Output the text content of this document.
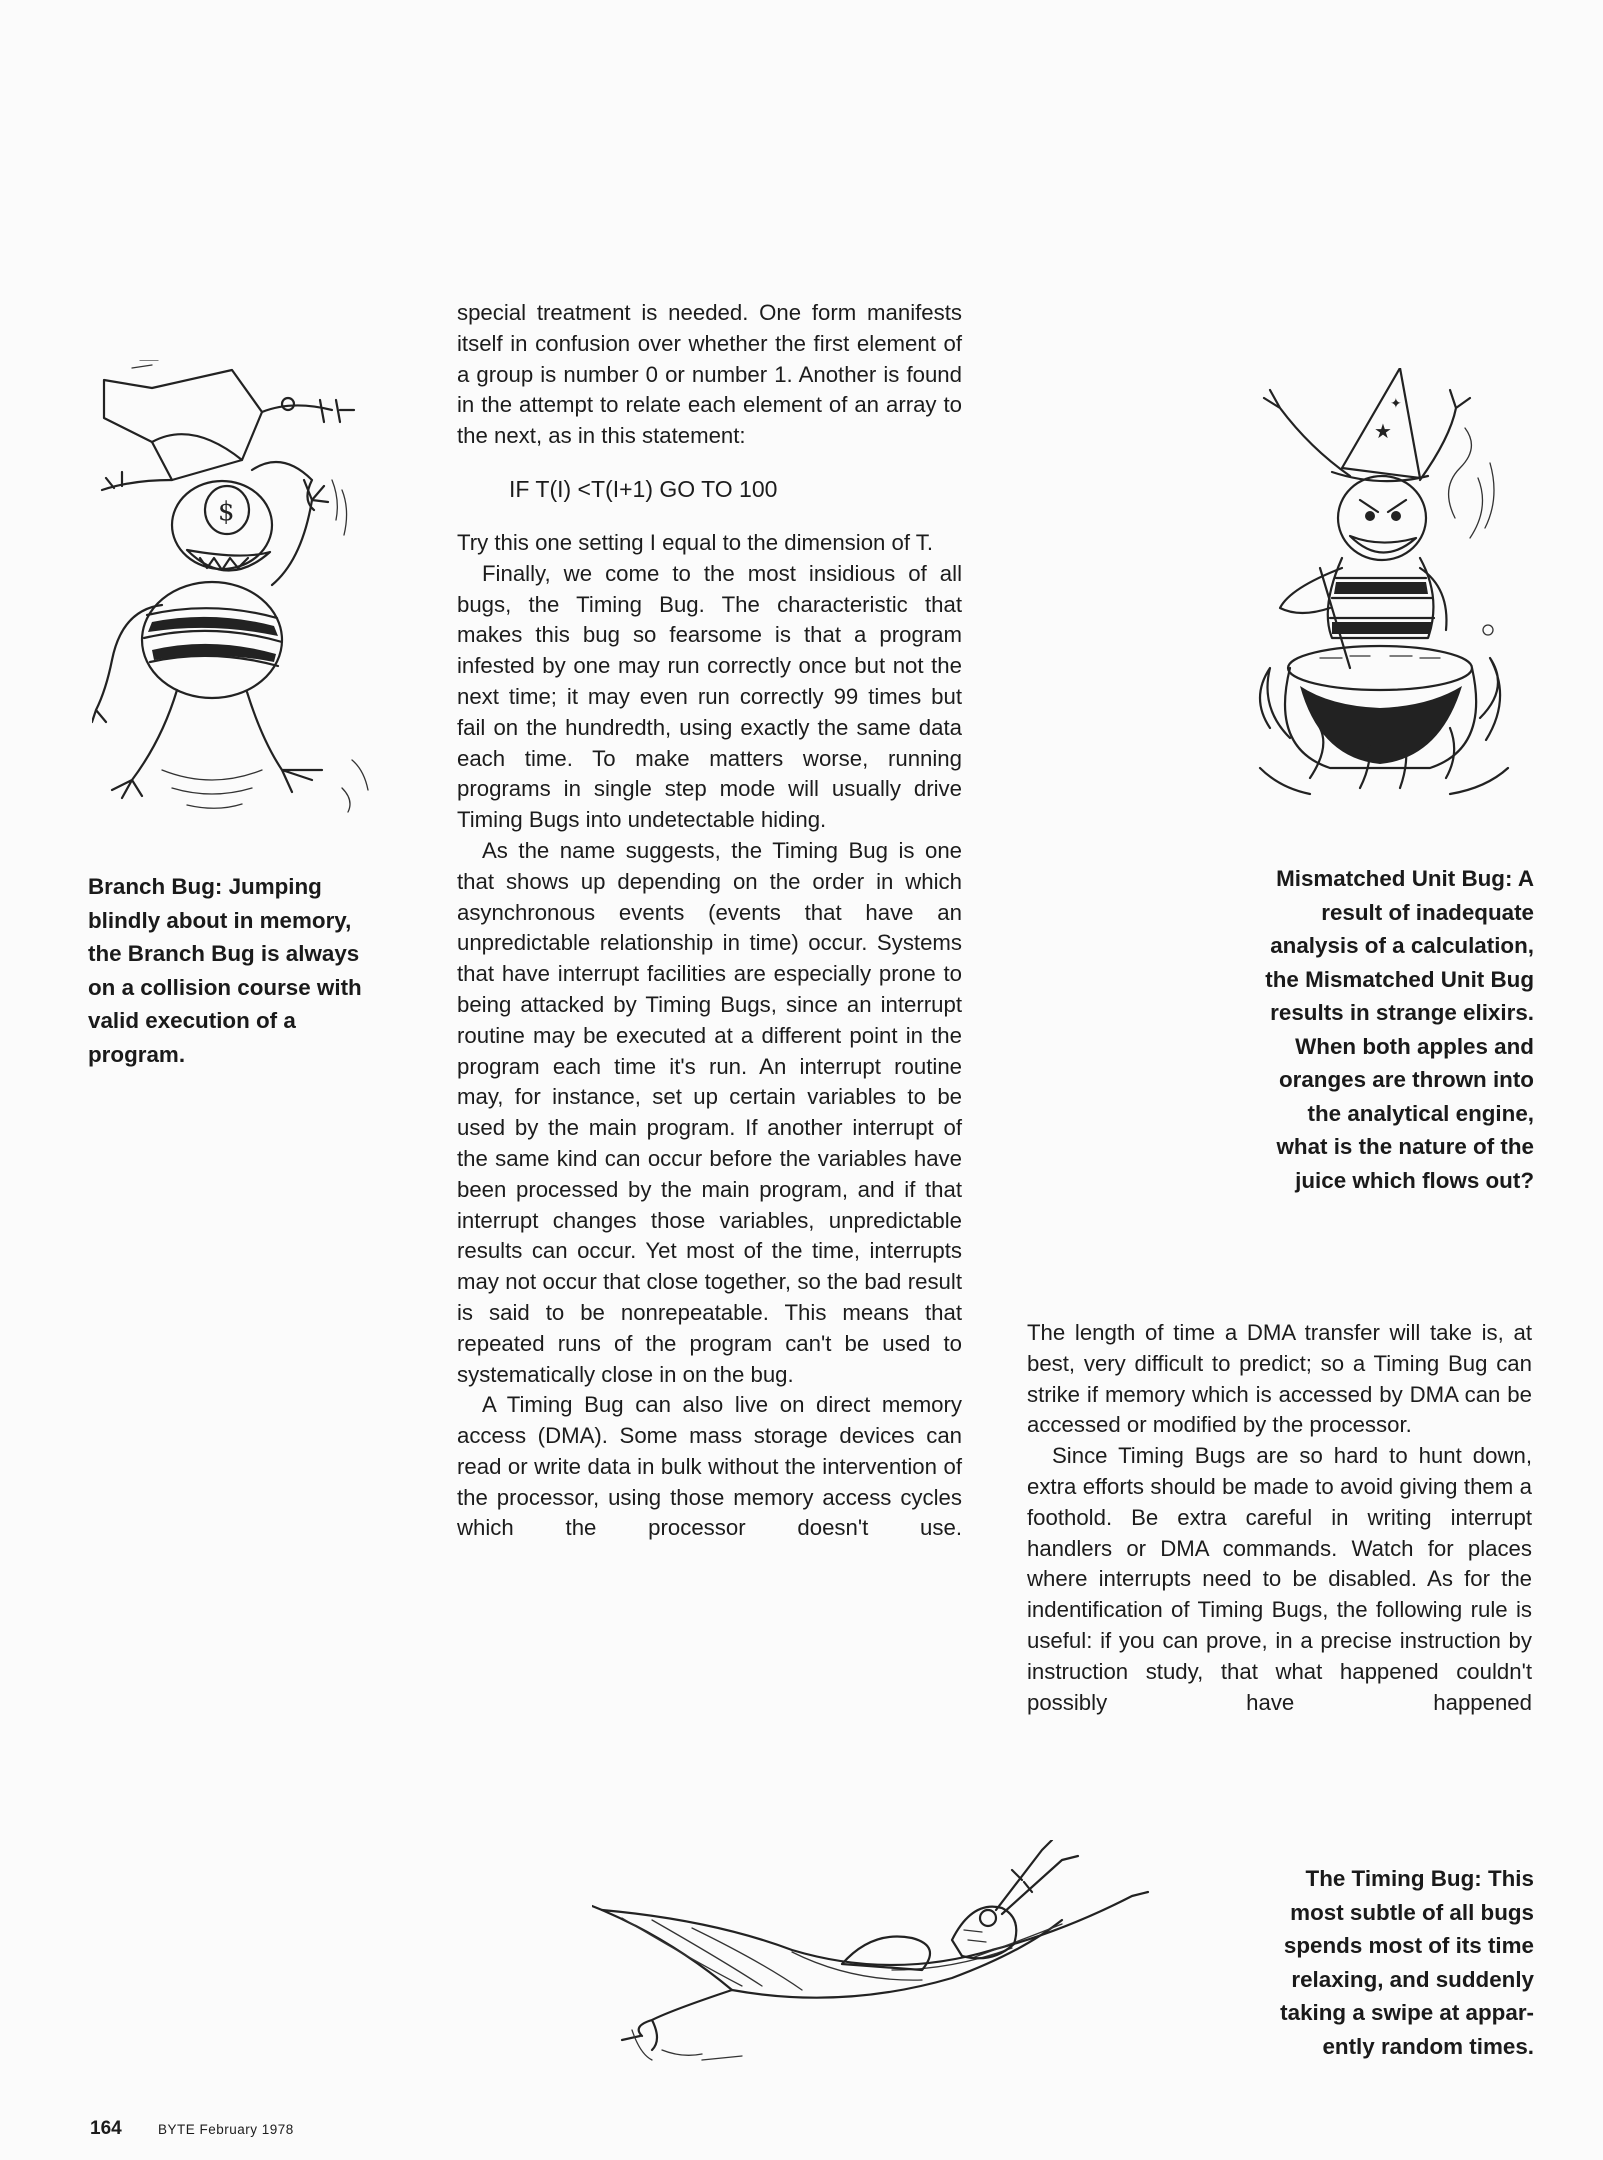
$
★
✦

special treatment is needed. One form manifests itself in confusion over whether the first element of a group is number 0 or number 1. Another is found in the attempt to relate each element of an array to the next, as in this statement:

IF T(I) <T(I+1) GO TO 100

Try this one setting I equal to the dimension of T.

Finally, we come to the most insidious of all bugs, the Timing Bug. The characteristic that makes this bug so fearsome is that a program infested by one may run correctly once but not the next time; it may even run correctly 99 times but fail on the hundredth, using exactly the same data each time. To make matters worse, running programs in single step mode will usually drive Timing Bugs into undetectable hiding.

As the name suggests, the Timing Bug is one that shows up depending on the order in which asynchronous events (events that have an unpredictable relationship in time) occur. Systems that have interrupt facilities are especially prone to being attacked by Timing Bugs, since an interrupt routine may be executed at a different point in the program each time it's run. An interrupt routine may, for instance, set up certain variables to be used by the main program. If another interrupt of the same kind can occur before the variables have been processed by the main program, and if that interrupt changes those variables, unpredictable results can occur. Yet most of the time, interrupts may not occur that close together, so the bad result is said to be nonrepeatable. This means that repeated runs of the program can't be used to systematically close in on the bug.

A Timing Bug can also live on direct memory access (DMA). Some mass storage devices can read or write data in bulk without the intervention of the processor, using those memory access cycles which the processor doesn't use.

The length of time a DMA transfer will take is, at best, very difficult to predict; so a Timing Bug can strike if memory which is accessed by DMA can be accessed or modified by the processor.

Since Timing Bugs are so hard to hunt down, extra efforts should be made to avoid giving them a foothold. Be extra careful in writing interrupt handlers or DMA commands. Watch for places where interrupts need to be disabled. As for the indentification of Timing Bugs, the following rule is useful: if you can prove, in a precise instruction by instruction study, that what happened couldn't possibly have happened

Branch Bug: Jumping
blindly about in memory,
the Branch Bug is always
on a collision course with
valid execution of a
program.
Mismatched Unit Bug: A
result of inadequate
analysis of a calculation,
the Mismatched Unit Bug
results in strange elixirs.
When both apples and
oranges are thrown into
the analytical engine,
what is the nature of the
juice which flows out?
The Timing Bug: This
most subtle of all bugs
spends most of its time
relaxing, and suddenly
taking a swipe at appar-
ently random times.
164	BYTE February 1978
